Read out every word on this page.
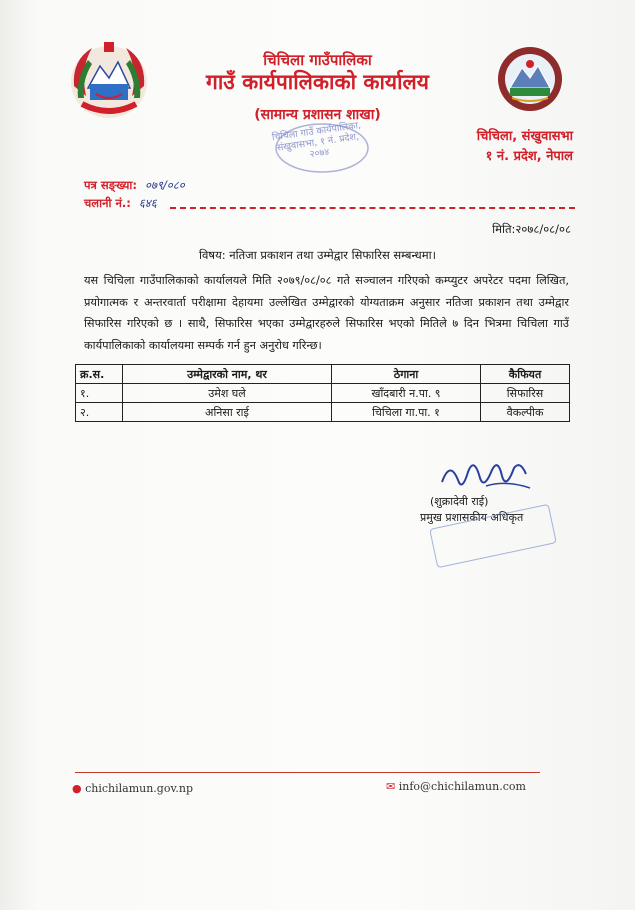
चिचिला गाउँपालिका
गाउँ कार्यपालिकाको कार्यालय
(सामान्य प्रशासन शाखा)
चिचिला गाउँ कार्यपालिका, संखुवासभा, १ नं. प्रदेश, २०७४
चिचिला, संखुवासभा
१ नं. प्रदेश, नेपाल
पत्र सङ्ख्या: ०७९/०८०
चलानी नं.: ६४६
मिति:२०७८/०८/०८
विषय: नतिजा प्रकाशन तथा उम्मेद्वार सिफारिस सम्बन्धमा।
यस चिचिला गाउँपालिकाको कार्यालयले मिति २०७९/०८/०८ गते सञ्चालन गरिएको कम्प्युटर अपरेटर पदमा लिखित, प्रयोगात्मक र अन्तरवार्ता परीक्षामा देहायमा उल्लेखित उम्मेद्वारको योग्यताक्रम अनुसार नतिजा प्रकाशन तथा उम्मेद्वार सिफारिस गरिएको छ । साथै, सिफारिस भएका उम्मेद्वारहरुले सिफारिस भएको मितिले ७ दिन भित्रमा चिचिला गाउँ कार्यपालिकाको कार्यालयमा सम्पर्क गर्न हुन अनुरोध गरिन्छ।
क्र.स.	उम्मेद्वारको नाम, थर	ठेगाना	कैफियत
१.	उमेश घले	खाँदबारी न.पा. ९	सिफारिस
२.	अनिसा राई	चिचिला गा.पा. १	वैकल्पीक
(शुक्रादेवी राई)
प्रमुख प्रशासकीय अधिकृत
● chichilamun.gov.np	✉ info@chichilamun.com
